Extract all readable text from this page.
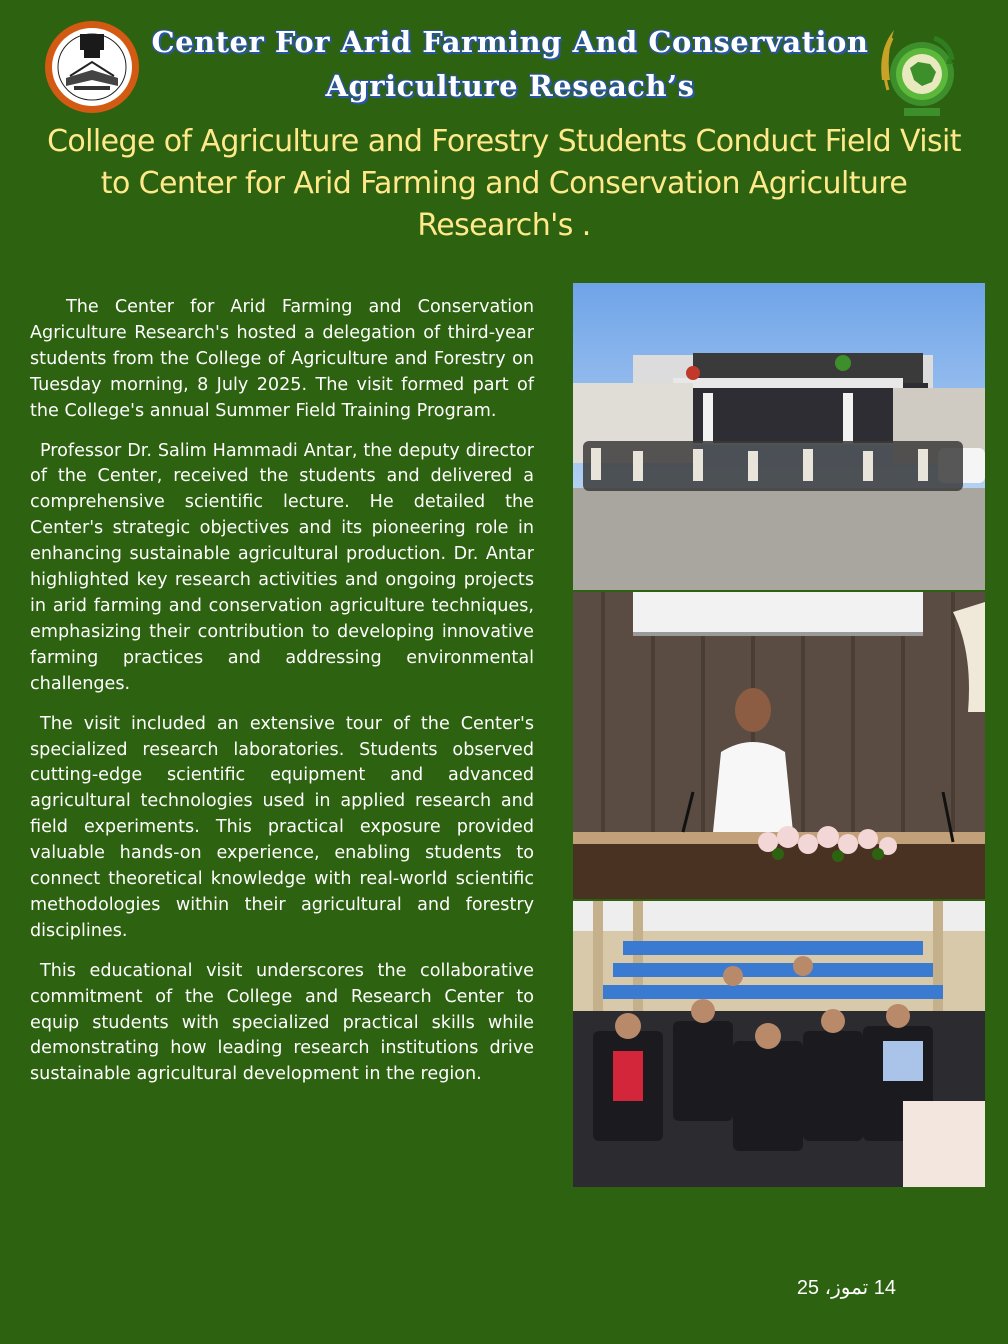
Center For Arid Farming And Conservation
Agriculture Reseach’s
College of Agriculture and Forestry Students Conduct Field Visit
to Center for Arid Farming and Conservation Agriculture
Research's .

The Center for Arid Farming and Conservation Agriculture Research's hosted a delegation of third-year students from the College of Agriculture and Forestry on Tuesday morning, 8 July 2025. The visit formed part of the College's annual Summer Field Training Program.

Professor Dr. Salim Hammadi Antar, the deputy director of the Center, received the students and delivered a comprehensive scientific lecture. He detailed the Center's strategic objectives and its pioneering role in enhancing sustainable agricultural production. Dr. Antar highlighted key research activities and ongoing projects in arid farming and conservation agriculture techniques, emphasizing their contribution to developing innovative farming practices and addressing environmental challenges.

The visit included an extensive tour of the Center's specialized research laboratories. Students observed cutting-edge scientific equipment and advanced agricultural technologies used in applied research and field experiments. This practical exposure provided valuable hands-on experience, enabling students to connect theoretical knowledge with real-world scientific methodologies within their agricultural and forestry disciplines.

This educational visit underscores the collaborative commitment of the College and Research Center to equip students with specialized practical skills while demonstrating how leading research institutions drive sustainable agricultural development in the region.

14 تموز، 25
